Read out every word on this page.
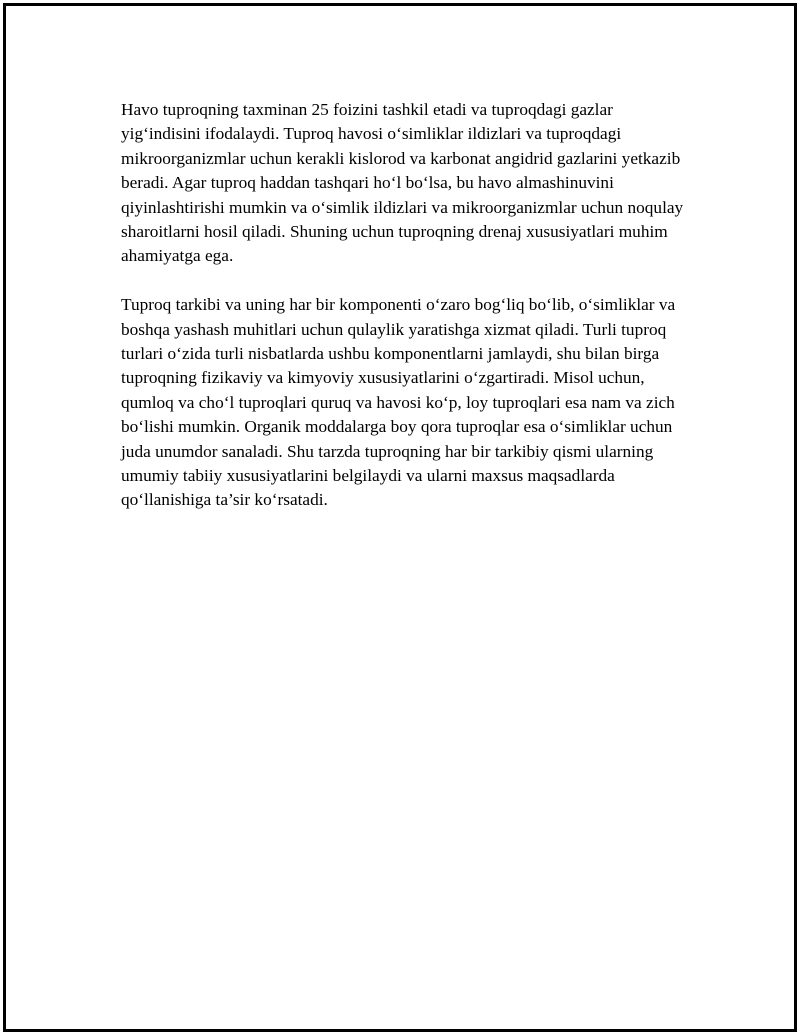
Havo tuproqning taxminan 25 foizini tashkil etadi va tuproqdagi gazlar yig‘indisini ifodalaydi. Tuproq havosi o‘simliklar ildizlari va tuproqdagi mikroorganizmlar uchun kerakli kislorod va karbonat angidrid gazlarini yetkazib beradi. Agar tuproq haddan tashqari ho‘l bo‘lsa, bu havo almashinuvini qiyinlashtirishi mumkin va o‘simlik ildizlari va mikroorganizmlar uchun noqulay sharoitlarni hosil qiladi. Shuning uchun tuproqning drenaj xususiyatlari muhim ahamiyatga ega.

Tuproq tarkibi va uning har bir komponenti o‘zaro bog‘liq bo‘lib, o‘simliklar va boshqa yashash muhitlari uchun qulaylik yaratishga xizmat qiladi. Turli tuproq turlari o‘zida turli nisbatlarda ushbu komponentlarni jamlaydi, shu bilan birga tuproqning fizikaviy va kimyoviy xususiyatlarini o‘zgartiradi. Misol uchun, qumloq va cho‘l tuproqlari quruq va havosi ko‘p, loy tuproqlari esa nam va zich bo‘lishi mumkin. Organik moddalarga boy qora tuproqlar esa o‘simliklar uchun juda unumdor sanaladi. Shu tarzda tuproqning har bir tarkibiy qismi ularning umumiy tabiiy xususiyatlarini belgilaydi va ularni maxsus maqsadlarda qo‘llanishiga ta’sir ko‘rsatadi.
